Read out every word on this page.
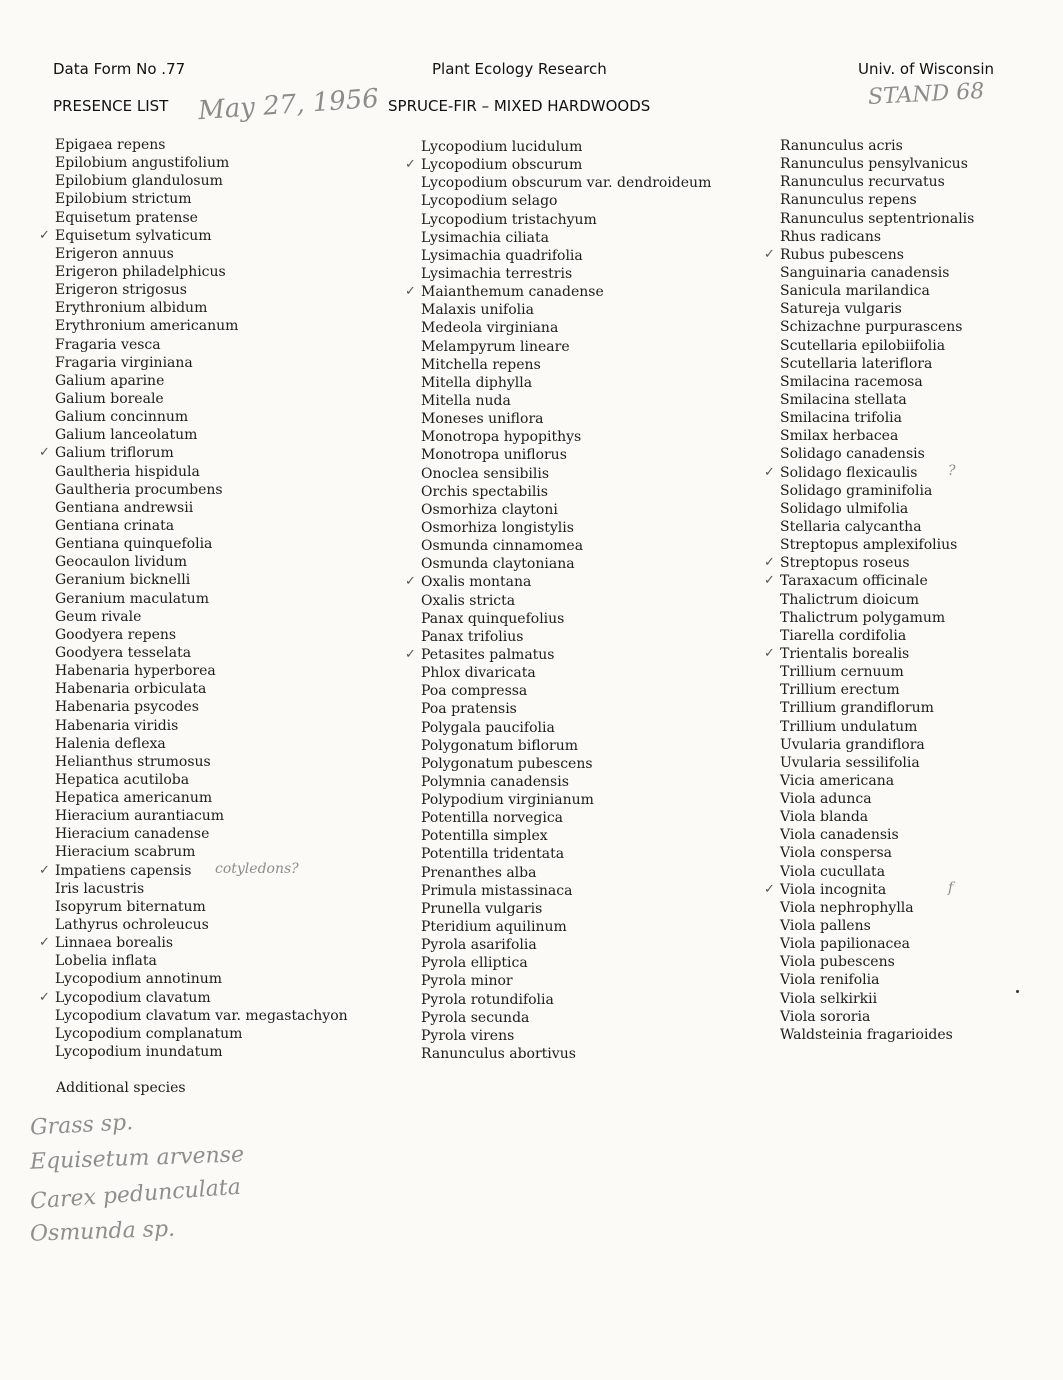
Data Form No .77	Plant Ecology Research	Univ. of Wisconsin
PRESENCE LIST	SPRUCE-FIR – MIXED HARDWOODS
May 27, 1956	STAND 68
Epigaea repens
Epilobium angustifolium
Epilobium glandulosum
Epilobium strictum
Equisetum pratense
✓ Equisetum sylvaticum
Erigeron annuus
Erigeron philadelphicus
Erigeron strigosus
Erythronium albidum
Erythronium americanum
Fragaria vesca
Fragaria virginiana
Galium aparine
Galium boreale
Galium concinnum
Galium lanceolatum
✓ Galium triflorum
Gaultheria hispidula
Gaultheria procumbens
Gentiana andrewsii
Gentiana crinata
Gentiana quinquefolia
Geocaulon lividum
Geranium bicknelli
Geranium maculatum
Geum rivale
Goodyera repens
Goodyera tesselata
Habenaria hyperborea
Habenaria orbiculata
Habenaria psycodes
Habenaria viridis
Halenia deflexa
Helianthus strumosus
Hepatica acutiloba
Hepatica americanum
Hieracium aurantiacum
Hieracium canadense
Hieracium scabrum
✓ Impatiens capensis cotyledons?
Iris lacustris
Isopyrum biternatum
Lathyrus ochroleucus
✓ Linnaea borealis
Lobelia inflata
Lycopodium annotinum
✓ Lycopodium clavatum
Lycopodium clavatum var. megastachyon
Lycopodium complanatum
Lycopodium inundatum
Lycopodium lucidulum
✓ Lycopodium obscurum
Lycopodium obscurum var. dendroideum
Lycopodium selago
Lycopodium tristachyum
Lysimachia ciliata
Lysimachia quadrifolia
Lysimachia terrestris
✓ Maianthemum canadense
Malaxis unifolia
Medeola virginiana
Melampyrum lineare
Mitchella repens
Mitella diphylla
Mitella nuda
Moneses uniflora
Monotropa hypopithys
Monotropa uniflorus
Onoclea sensibilis
Orchis spectabilis
Osmorhiza claytoni
Osmorhiza longistylis
Osmunda cinnamomea
Osmunda claytoniana
✓ Oxalis montana
Oxalis stricta
Panax quinquefolius
Panax trifolius
✓ Petasites palmatus
Phlox divaricata
Poa compressa
Poa pratensis
Polygala paucifolia
Polygonatum biflorum
Polygonatum pubescens
Polymnia canadensis
Polypodium virginianum
Potentilla norvegica
Potentilla simplex
Potentilla tridentata
Prenanthes alba
Primula mistassinaca
Prunella vulgaris
Pteridium aquilinum
Pyrola asarifolia
Pyrola elliptica
Pyrola minor
Pyrola rotundifolia
Pyrola secunda
Pyrola virens
Ranunculus abortivus
Ranunculus acris
Ranunculus pensylvanicus
Ranunculus recurvatus
Ranunculus repens
Ranunculus septentrionalis
Rhus radicans
✓ Rubus pubescens
Sanguinaria canadensis
Sanicula marilandica
Satureja vulgaris
Schizachne purpurascens
Scutellaria epilobiifolia
Scutellaria lateriflora
Smilacina racemosa
Smilacina stellata
Smilacina trifolia
Smilax herbacea
Solidago canadensis
✓ Solidago flexicaulis ?
Solidago graminifolia
Solidago ulmifolia
Stellaria calycantha
Streptopus amplexifolius
✓ Streptopus roseus
✓ Taraxacum officinale
Thalictrum dioicum
Thalictrum polygamum
Tiarella cordifolia
✓ Trientalis borealis
Trillium cernuum
Trillium erectum
Trillium grandiflorum
Trillium undulatum
Uvularia grandiflora
Uvularia sessilifolia
Vicia americana
Viola adunca
Viola blanda
Viola canadensis
Viola conspersa
Viola cucullata
✓ Viola incognita	f
Viola nephrophylla
Viola pallens
Viola papilionacea
Viola pubescens
Viola renifolia
Viola selkirkii
Viola sororia
Waldsteinia fragarioides
Additional species
Grass sp.
Equisetum arvense
Carex pedunculata
Osmunda sp.
